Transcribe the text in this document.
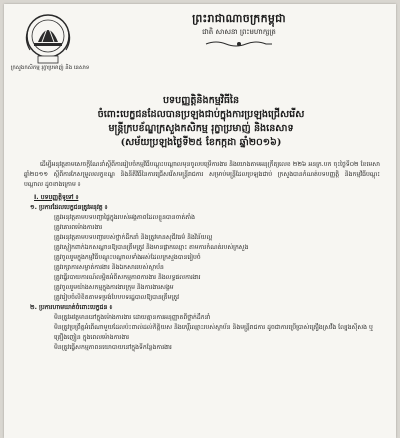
ក្រសួងកសិកម្ម រុក្ខាប្រមាញ់ និង នេសាទ
ព្រះរាជាណាចក្រកម្ពុជា
ជាតិ សាសនា ព្រះមហាក្សត្រ
បទបញ្ញត្តិនិងកម្មវិធីនៃ
ចំពោះបេក្ខជនដែលបានប្រឡងជាប់ក្នុងការប្រឡងជ្រើសរើស
មន្ត្រីក្របខ័ណ្ឌក្រសួងកសិកម្ម រុក្ខាប្រមាញ់ និងនេសាទ
(សម័យប្រឡងថ្ងៃទី២៥ ខែកក្កដា ឆ្នាំ២០១៦)

ដើម្បីអនុវត្តតាមសេចក្តីណែនាំស្តីពីការរៀបចំកម្មវិធីបណ្តុះបណ្តាលមុនចូលបម្រើការងារ និងយោងតាមអនុក្រឹត្យលេខ ២២៦ អនក្រ.បក ចុះថ្ងៃទី០២ ខែមេសា ឆ្នាំ២០១១ ស្តីពីការកែសម្រួលលក្ខខណ្ឌ និងនីតិវិធីនៃការជ្រើសរើសមន្ត្រីរាជការ សម្រាប់មន្ត្រីដែលប្រឡងជាប់ ក្រសួងបានកំណត់បទបញ្ញត្តិ និងកម្មវិធីបណ្តុះបណ្តាល ដូចខាងក្រោម ៖

I. បទបញ្ញត្តិទូទៅ ៖
១. ប្រការដែលបេក្ខជនត្រូវអនុវត្ត ៖
- ត្រូវអនុវត្តតាមបទបញ្ជាផ្ទៃក្នុងរបស់អង្គភាពដែលខ្លួនបានចាត់តាំង
- ត្រូវគោរពម៉ោងការងារ
- ត្រូវអនុវត្តតាមបទបញ្ជារបស់ថ្នាក់ដឹកនាំ និងត្រូវមានសុជីវធម៌ និងវិន័យល្អ
- ត្រូវស្លៀកពាក់ឯកសណ្ឋានឱ្យបានត្រឹមត្រូវ និងមានផ្លាកឈ្មោះ តាមការកំណត់របស់ក្រសួង
- ត្រូវចូលរួមក្នុងកម្មវិធីបណ្តុះបណ្តាលទាំងអស់ដែលក្រសួងបានរៀបចំ
- ត្រូវរក្សាការសម្ងាត់ការងារ និងឯកសាររបស់ស្ថាប័ន
- ត្រូវធ្វើរបាយការណ៍លម្អិតអំពីសកម្មភាពការងារ និងលទ្ធផលការងារ
- ត្រូវចូលរួមយ៉ាងសកម្មក្នុងការងារក្រុម និងការងារសង្គម
- ត្រូវរៀបចំលិខិតតាមទម្រង់បែបបទរដ្ឋបាលឱ្យបានត្រឹមត្រូវ
២. ប្រការហាមឃាត់ចំពោះបេក្ខជន ៖
- មិនត្រូវអវត្តមាននៅក្នុងម៉ោងការងារ ដោយគ្មានការអនុញ្ញាតពីថ្នាក់ដឹកនាំ
- មិនត្រូវប្រព្រឹត្តអំពើណាមួយដែលប៉ះពាល់ដល់កិត្តិយស និងកេរ្តិ៍ឈ្មោះរបស់ស្ថាប័ន និងមន្ត្រីរាជការ ដូចជាការប្រើប្រាស់គ្រឿងស្រវឹង ល្បែងស៊ីសង ឬគ្រឿងញៀន ក្នុងពេលម៉ោងការងារ
- មិនត្រូវធ្វើសកម្មភាពនយោបាយនៅក្នុងទីកន្លែងការងារ
